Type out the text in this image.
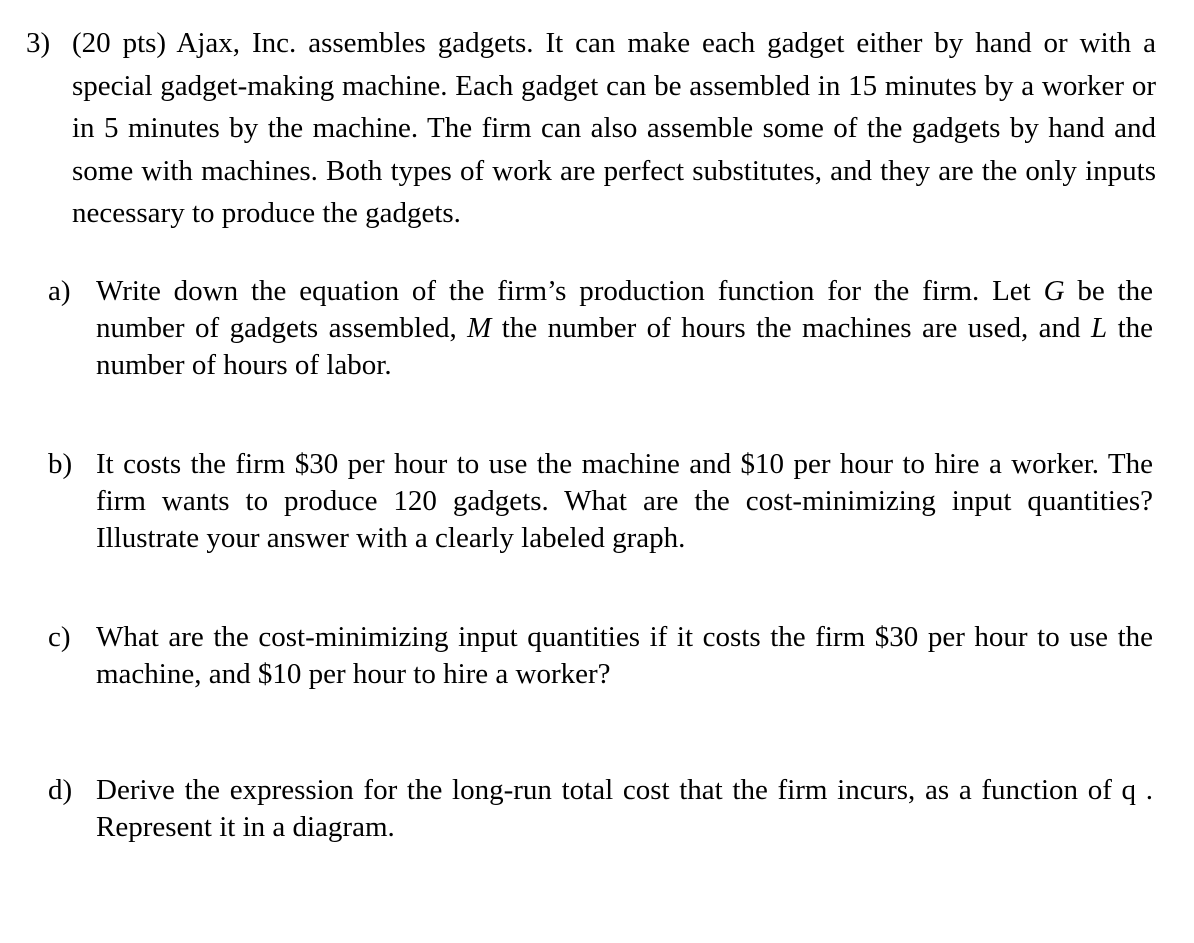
3) (20 pts) Ajax, Inc. assembles gadgets. It can make each gadget either by hand or with a special gadget-making machine. Each gadget can be assembled in 15 minutes by a worker or in 5 minutes by the machine. The firm can also assemble some of the gadgets by hand and some with machines. Both types of work are perfect substitutes, and they are the only inputs necessary to produce the gadgets.
a) Write down the equation of the firm’s production function for the firm. Let G be the number of gadgets assembled, M the number of hours the machines are used, and L the number of hours of labor.
b) It costs the firm $30 per hour to use the machine and $10 per hour to hire a worker. The firm wants to produce 120 gadgets. What are the cost-minimizing input quantities? Illustrate your answer with a clearly labeled graph.
c) What are the cost-minimizing input quantities if it costs the firm $30 per hour to use the machine, and $10 per hour to hire a worker?
d) Derive the expression for the long-run total cost that the firm incurs, as a function of q . Represent it in a diagram.
